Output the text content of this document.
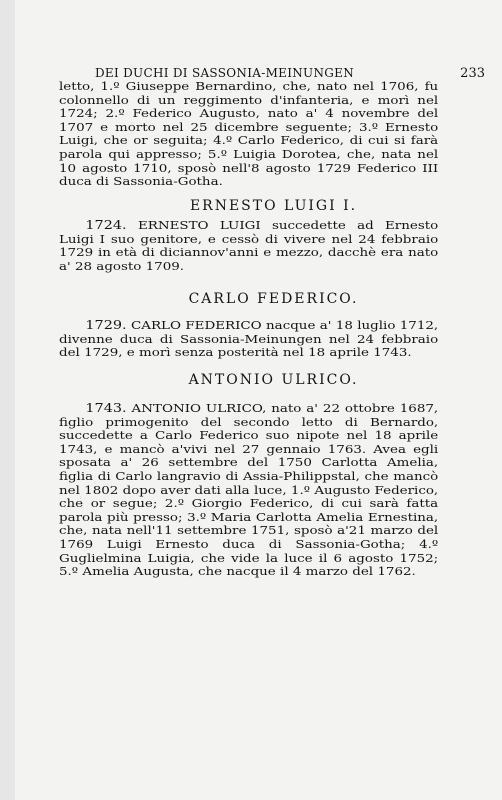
DEI DUCHI DI SASSONIA-MEINUNGEN	233

letto, 1.º Giuseppe Bernardino, che, nato nel 1706, fu colonnello di un reggimento d'infanteria, e morì nel 1724; 2.º Federico Augusto, nato a' 4 novembre del 1707 e morto nel 25 dicembre seguente; 3.º Ernesto Luigi, che or seguita; 4.º Carlo Federico, di cui si farà parola qui appresso; 5.º Luigia Dorotea, che, nata nel 10 agosto 1710, sposò nell'8 agosto 1729 Federico III duca di Sassonia-Gotha.

ERNESTO LUIGI I.

1724. ERNESTO LUIGI succedette ad Ernesto Luigi I suo genitore, e cessò di vivere nel 24 febbraio 1729 in età di diciannov'anni e mezzo, dacchè era nato a' 28 agosto 1709.

CARLO FEDERICO.

1729. CARLO FEDERICO nacque a' 18 luglio 1712, divenne duca di Sassonia-Meinungen nel 24 febbraio del 1729, e morì senza posterità nel 18 aprile 1743.

ANTONIO ULRICO.

1743. ANTONIO ULRICO, nato a' 22 ottobre 1687, figlio primogenito del secondo letto di Bernardo, succedette a Carlo Federico suo nipote nel 18 aprile 1743, e mancò a'vivi nel 27 gennaio 1763. Avea egli sposata a' 26 settembre del 1750 Carlotta Amelia, figlia di Carlo langravio di Assia-Philippstal, che mancò nel 1802 dopo aver dati alla luce, 1.º Augusto Federico, che or segue; 2.º Giorgio Federico, di cui sarà fatta parola più presso; 3.º Maria Carlotta Amelia Ernestina, che, nata nell'11 settembre 1751, sposò a'21 marzo del 1769 Luigi Ernesto duca di Sassonia-Gotha; 4.º Guglielmina Luigia, che vide la luce il 6 agosto 1752; 5.º Amelia Augusta, che nacque il 4 marzo del 1762.
